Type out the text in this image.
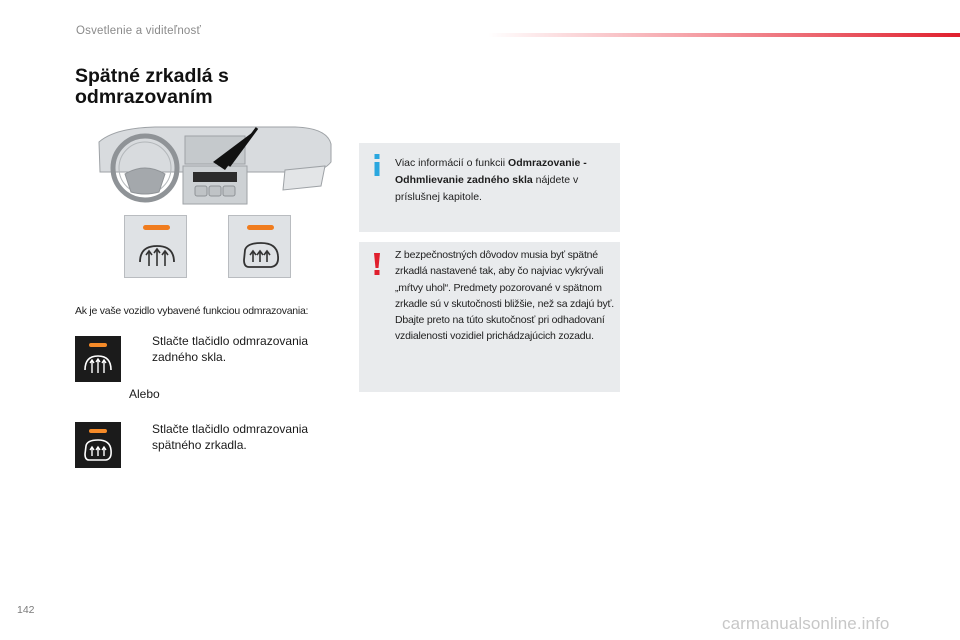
Osvetlenie a viditeľnosť
Spätné zrkadlá s odmrazovaním
Ak je vaše vozidlo vybavené funkciou odmrazovania:
Stlačte tlačidlo odmrazovania zadného skla.
Alebo
Stlačte tlačidlo odmrazovania spätného zrkadla.
Viac informácií o funkcii Odmrazovanie - Odhmlievanie zadného skla nájdete v príslušnej kapitole.
Z bezpečnostných dôvodov musia byť spätné zrkadlá nastavené tak, aby čo najviac vykrývali „mŕtvy uhol“. Predmety pozorované v spätnom zrkadle sú v skutočnosti bližšie, než sa zdajú byť. Dbajte preto na túto skutočnosť pri odhadovaní vzdialenosti vozidiel prichádzajúcich zozadu.
142
carmanualsonline.info
